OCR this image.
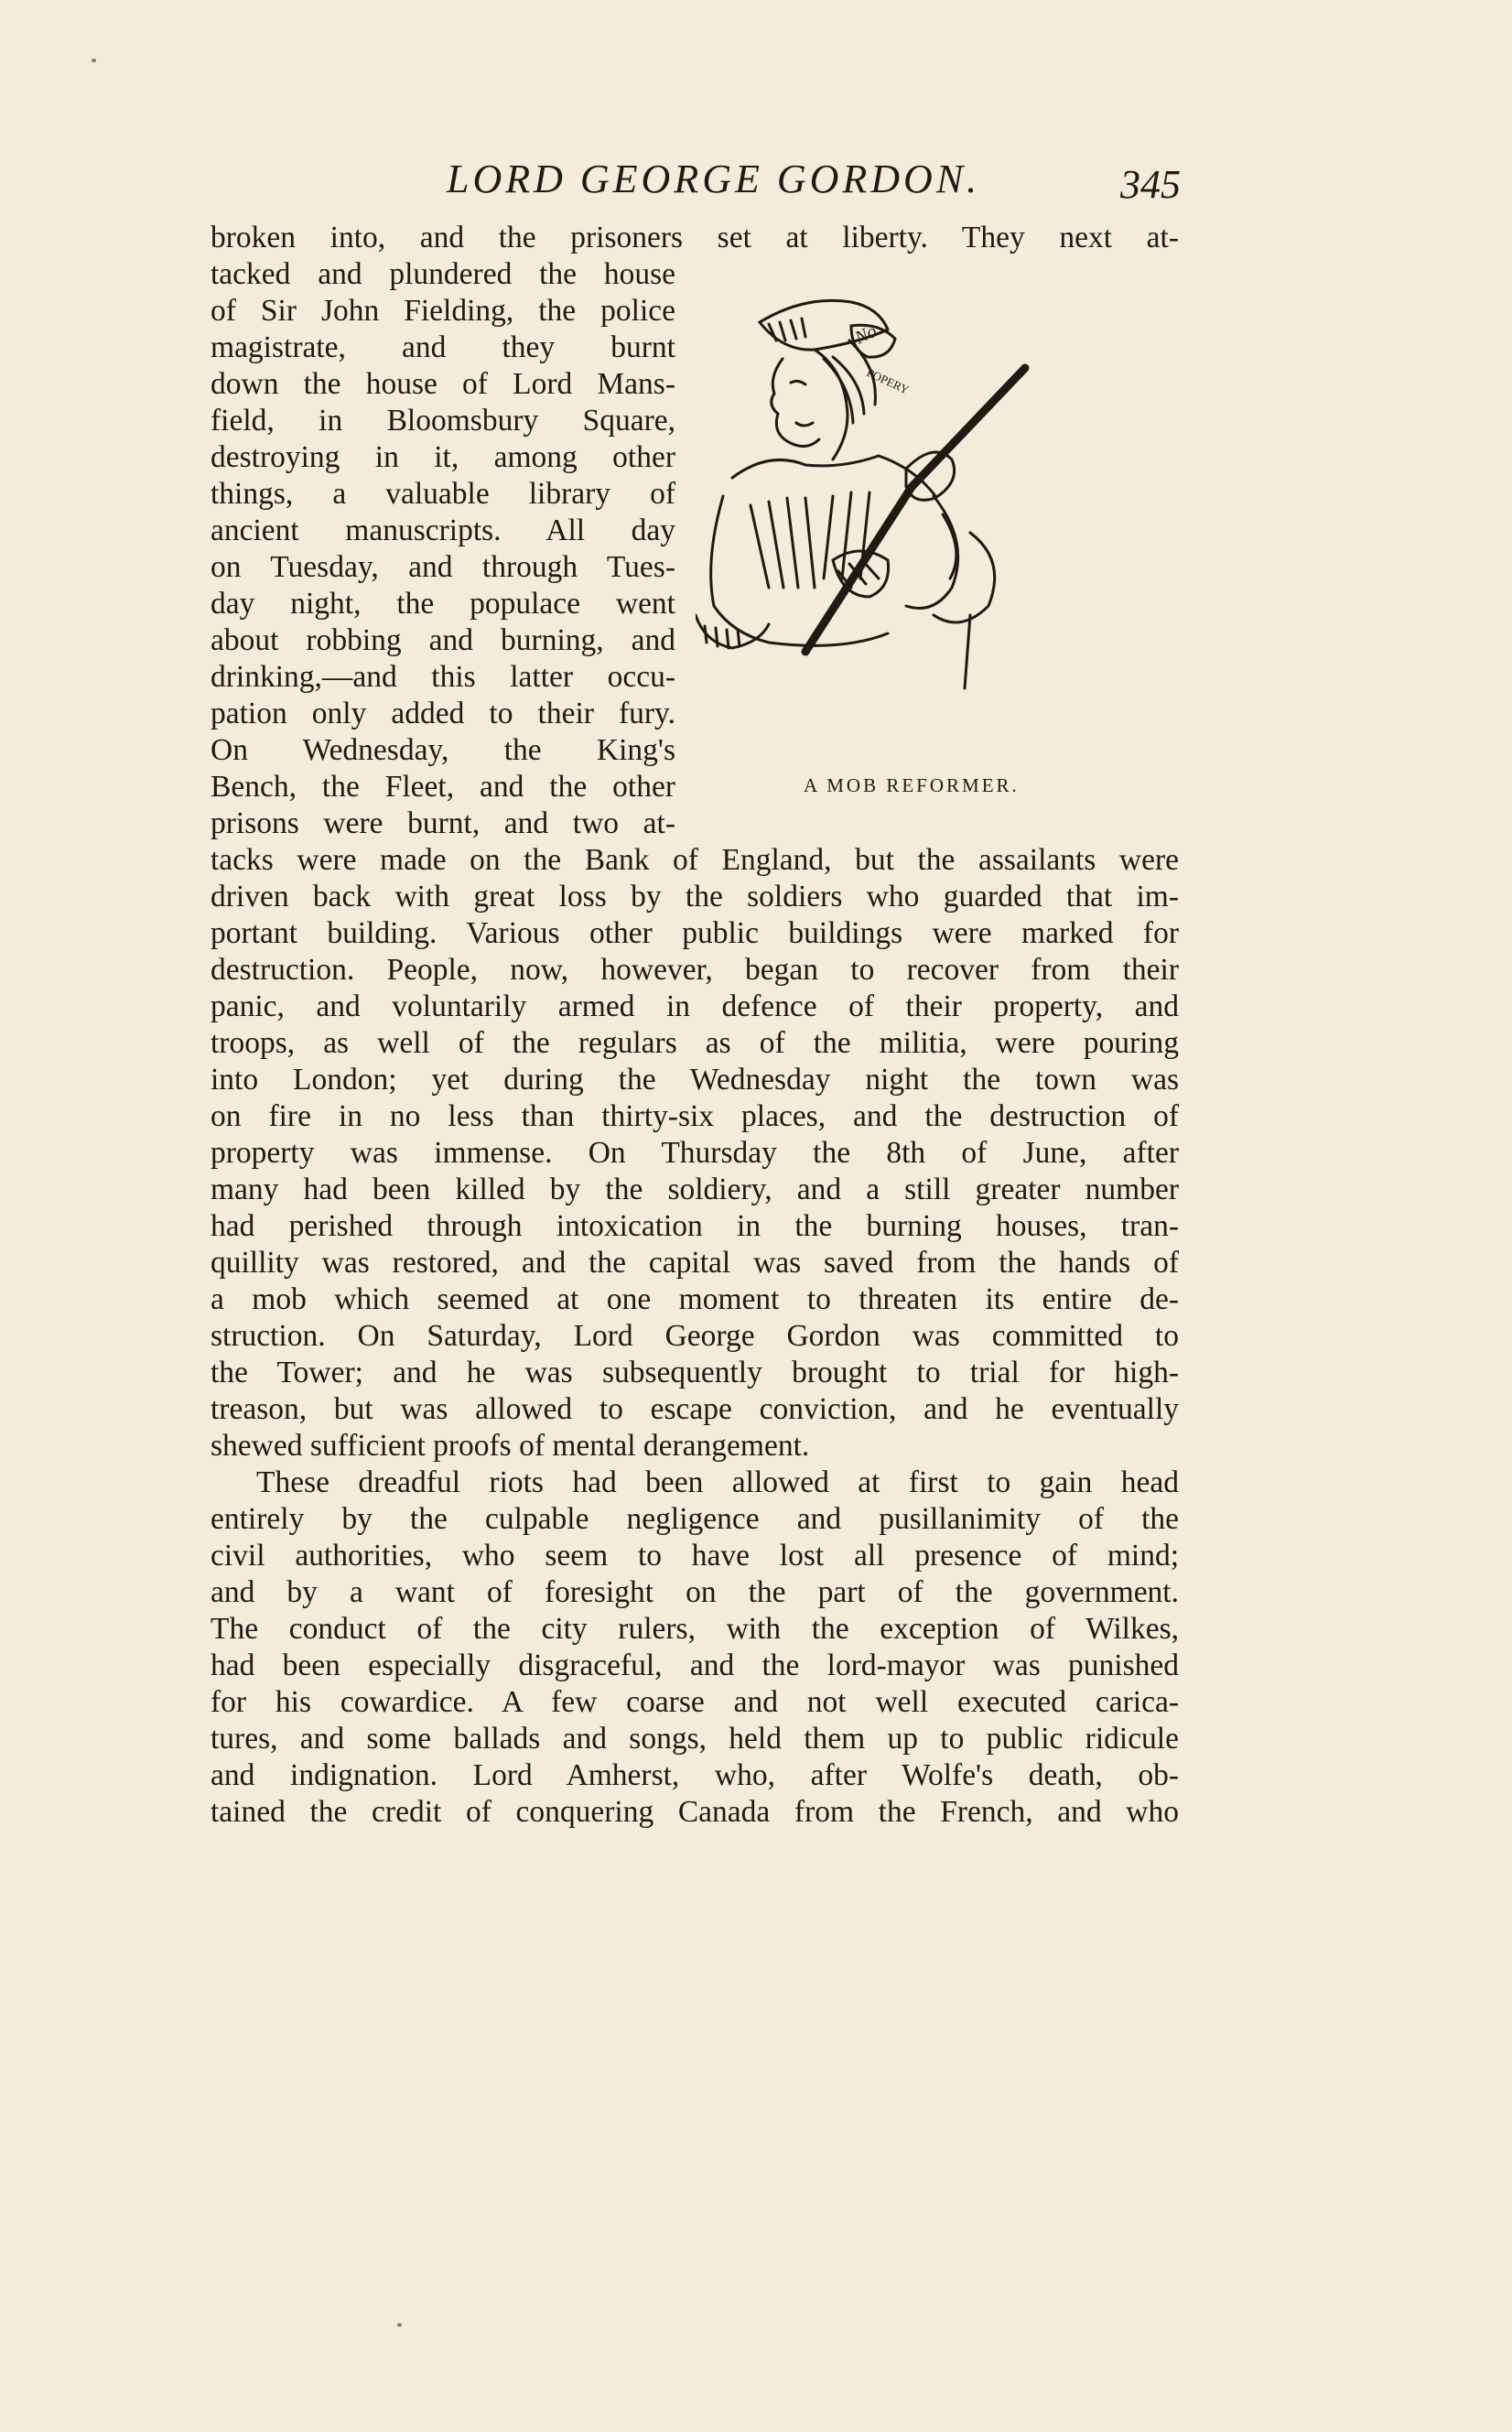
LORD GEORGE GORDON.	345
No
POPERY
A MOB REFORMER.
broken into, and the prisoners set at liberty. They next at-
tacked and plundered the house
of Sir John Fielding, the police
magistrate, and they burnt
down the house of Lord Mans-
field, in Bloomsbury Square,
destroying in it, among other
things, a valuable library of
ancient manuscripts. All day
on Tuesday, and through Tues-
day night, the populace went
about robbing and burning, and
drinking,—and this latter occu-
pation only added to their fury.
On Wednesday, the King's
Bench, the Fleet, and the other
prisons were burnt, and two at-
tacks were made on the Bank of England, but the assailants were
driven back with great loss by the soldiers who guarded that im-
portant building. Various other public buildings were marked for
destruction. People, now, however, began to recover from their
panic, and voluntarily armed in defence of their property, and
troops, as well of the regulars as of the militia, were pouring
into London; yet during the Wednesday night the town was
on fire in no less than thirty-six places, and the destruction of
property was immense. On Thursday the 8th of June, after
many had been killed by the soldiery, and a still greater number
had perished through intoxication in the burning houses, tran-
quillity was restored, and the capital was saved from the hands of
a mob which seemed at one moment to threaten its entire de-
struction. On Saturday, Lord George Gordon was committed to
the Tower; and he was subsequently brought to trial for high-
treason, but was allowed to escape conviction, and he eventually
shewed sufficient proofs of mental derangement.
These dreadful riots had been allowed at first to gain head
entirely by the culpable negligence and pusillanimity of the
civil authorities, who seem to have lost all presence of mind;
and by a want of foresight on the part of the government.
The conduct of the city rulers, with the exception of Wilkes,
had been especially disgraceful, and the lord-mayor was punished
for his cowardice. A few coarse and not well executed carica-
tures, and some ballads and songs, held them up to public ridicule
and indignation. Lord Amherst, who, after Wolfe's death, ob-
tained the credit of conquering Canada from the French, and who
